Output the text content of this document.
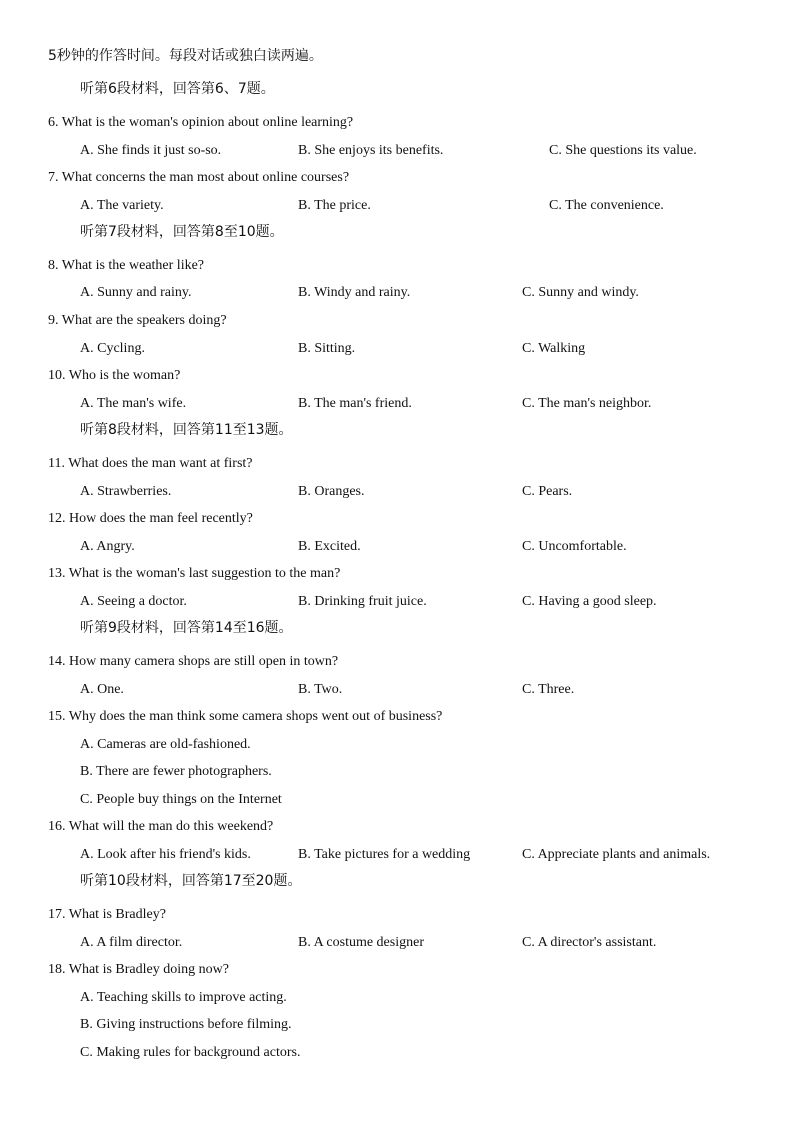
5秒钟的作答时间。每段对话或独白读两遍。
听第6段材料，回答第6、7题。
6. What is the woman's opinion about online learning?
A. She finds it just so-so.	B. She enjoys its benefits.	C. She questions its value.
7. What concerns the man most about online courses?
A. The variety.	B. The price.	C. The convenience.
听第7段材料，回答第8至10题。
8. What is the weather like?
A. Sunny and rainy.	B. Windy and rainy.	C. Sunny and windy.
9. What are the speakers doing?
A. Cycling.	B. Sitting.	C. Walking
10. Who is the woman?
A. The man's wife.	B. The man's friend.	C. The man's neighbor.
听第8段材料，回答第11至13题。
11. What does the man want at first?
A. Strawberries.	B. Oranges.	C. Pears.
12. How does the man feel recently?
A. Angry.	B. Excited.	C. Uncomfortable.
13. What is the woman's last suggestion to the man?
A. Seeing a doctor.	B. Drinking fruit juice.	C. Having a good sleep.
听第9段材料，回答第14至16题。
14. How many camera shops are still open in town?
A. One.	B. Two.	C. Three.
15. Why does the man think some camera shops went out of business?
A. Cameras are old-fashioned.
B. There are fewer photographers.
C. People buy things on the Internet
16. What will the man do this weekend?
A. Look after his friend's kids.	B. Take pictures for a wedding	C. Appreciate plants and animals.
听第10段材料，回答第17至20题。
17. What is Bradley?
A. A film director.	B. A costume designer	C. A director's assistant.
18. What is Bradley doing now?
A. Teaching skills to improve acting.
B. Giving instructions before filming.
C. Making rules for background actors.
